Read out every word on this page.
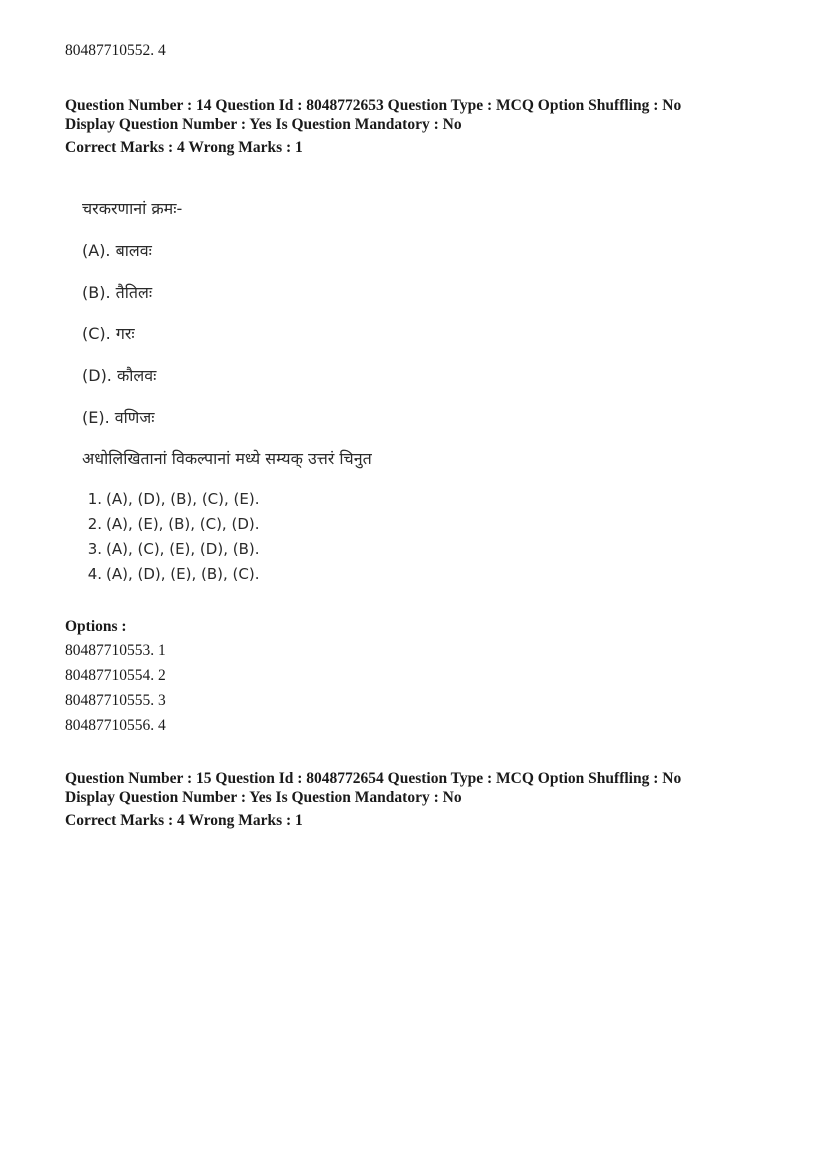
80487710552. 4
Question Number : 14 Question Id : 8048772653 Question Type : MCQ Option Shuffling : No
Display Question Number : Yes Is Question Mandatory : No
Correct Marks : 4 Wrong Marks : 1
चरकरणानां क्रमः-
(A). बालवः
(B). तैतिलः
(C). गरः
(D). कौलवः
(E). वणिजः
अधोलिखितानां विकल्पानां मध्ये सम्यक् उत्तरं चिनुत
1. (A), (D), (B), (C), (E).
2. (A), (E), (B), (C), (D).
3. (A), (C), (E), (D), (B).
4. (A), (D), (E), (B), (C).
Options :
80487710553. 1
80487710554. 2
80487710555. 3
80487710556. 4
Question Number : 15 Question Id : 8048772654 Question Type : MCQ Option Shuffling : No
Display Question Number : Yes Is Question Mandatory : No
Correct Marks : 4 Wrong Marks : 1
